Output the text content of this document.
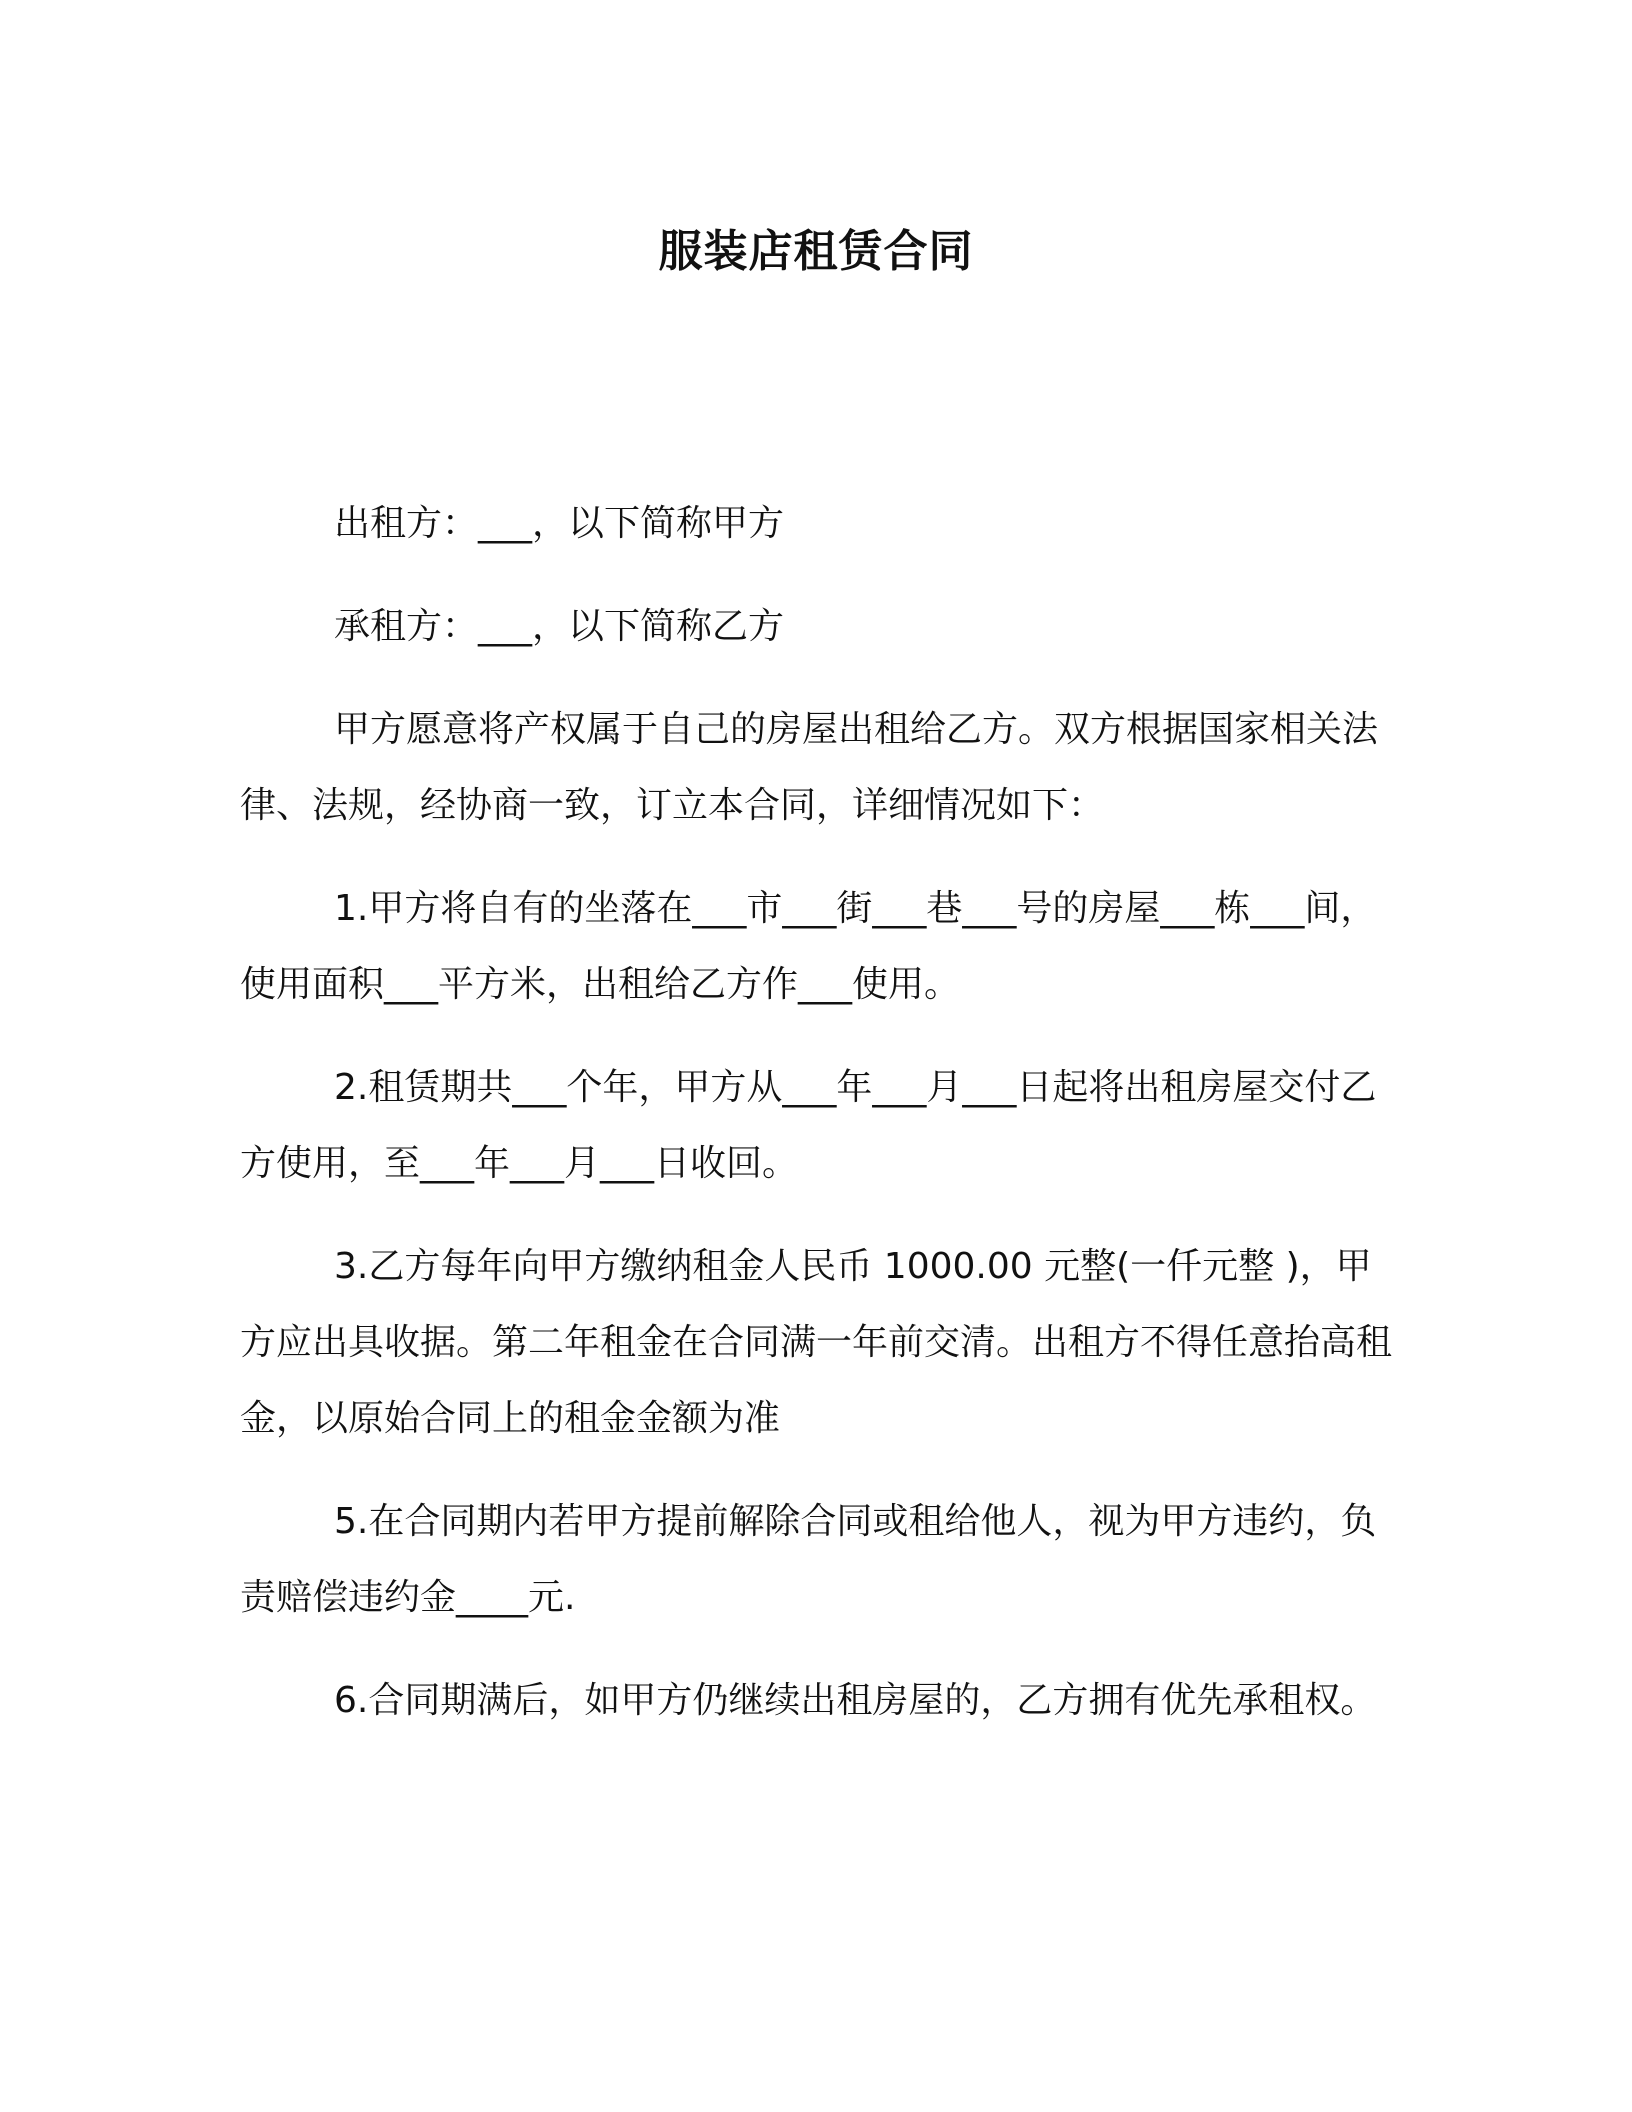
服装店租赁合同

出租方：___，以下简称甲方

承租方：___，以下简称乙方

甲方愿意将产权属于自己的房屋出租给乙方。双方根据国家相关法律、法规，经协商一致，订立本合同，详细情况如下：

1.甲方将自有的坐落在___市___街___巷___号的房屋___栋___间，使用面积___平方米，出租给乙方作___使用。

2.租赁期共___个年，甲方从___年___月___日起将出租房屋交付乙方使用，至___年___月___日收回。

3.乙方每年向甲方缴纳租金人民币 1000.00 元整(一仟元整 )，甲方应出具收据。第二年租金在合同满一年前交清。出租方不得任意抬高租金，以原始合同上的租金金额为准

5.在合同期内若甲方提前解除合同或租给他人，视为甲方违约，负责赔偿违约金____元.

6.合同期满后，如甲方仍继续出租房屋的，乙方拥有优先承租权。
